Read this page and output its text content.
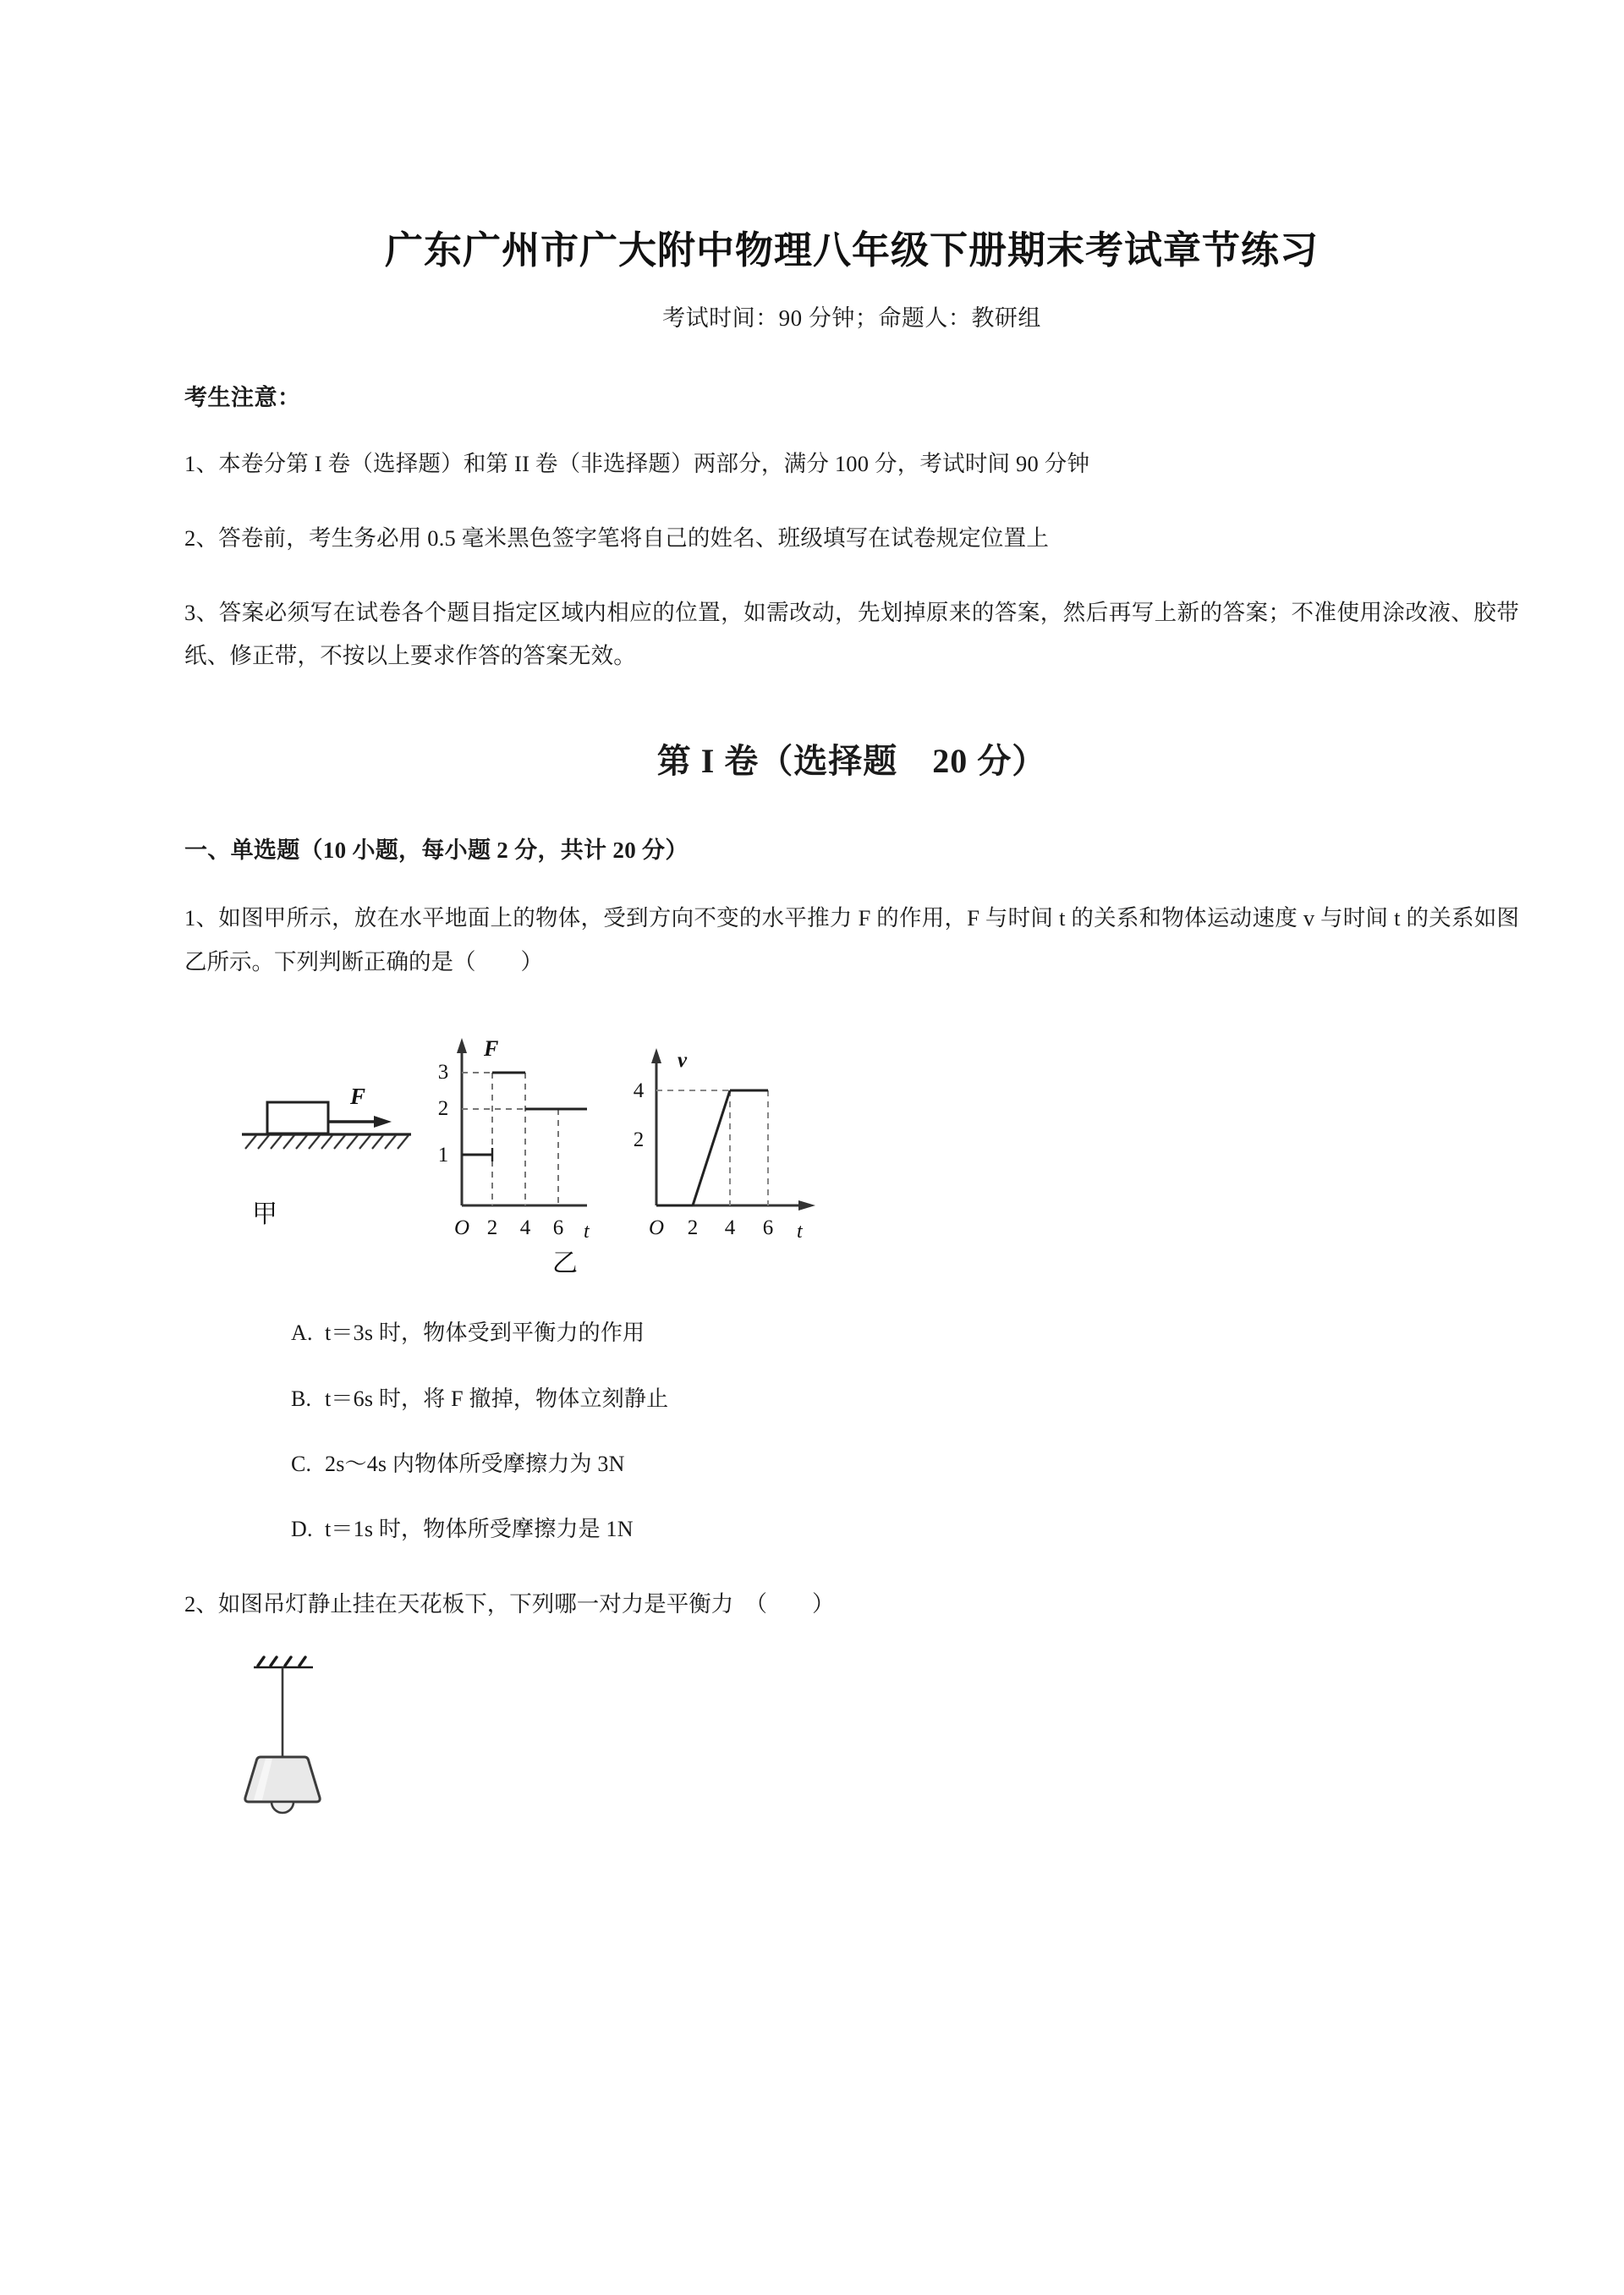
广东广州市广大附中物理八年级下册期末考试章节练习
考试时间：90 分钟；命题人：教研组
考生注意：
1、本卷分第 I 卷（选择题）和第 II 卷（非选择题）两部分，满分 100 分，考试时间 90 分钟
2、答卷前，考生务必用 0.5 毫米黑色签字笔将自己的姓名、班级填写在试卷规定位置上
3、答案必须写在试卷各个题目指定区域内相应的位置，如需改动，先划掉原来的答案，然后再写上新的答案；不准使用涂改液、胶带纸、修正带，不按以上要求作答的答案无效。
第 I 卷（选择题　20 分）
一、单选题（10 小题，每小题 2 分，共计 20 分）
1、如图甲所示，放在水平地面上的物体，受到方向不变的水平推力 F 的作用，F 与时间 t 的关系和物体运动速度 v 与时间 t 的关系如图乙所示。下列判断正确的是（　　）
F
甲
3
2
1
F
O 2 4 6 t
4
2
v
O 2 4 6 t
乙
A. t＝3s 时，物体受到平衡力的作用
B. t＝6s 时，将 F 撤掉，物体立刻静止
C. 2s～4s 内物体所受摩擦力为 3N
D. t＝1s 时，物体所受摩擦力是 1N
2、如图吊灯静止挂在天花板下，下列哪一对力是平衡力　（　　）
